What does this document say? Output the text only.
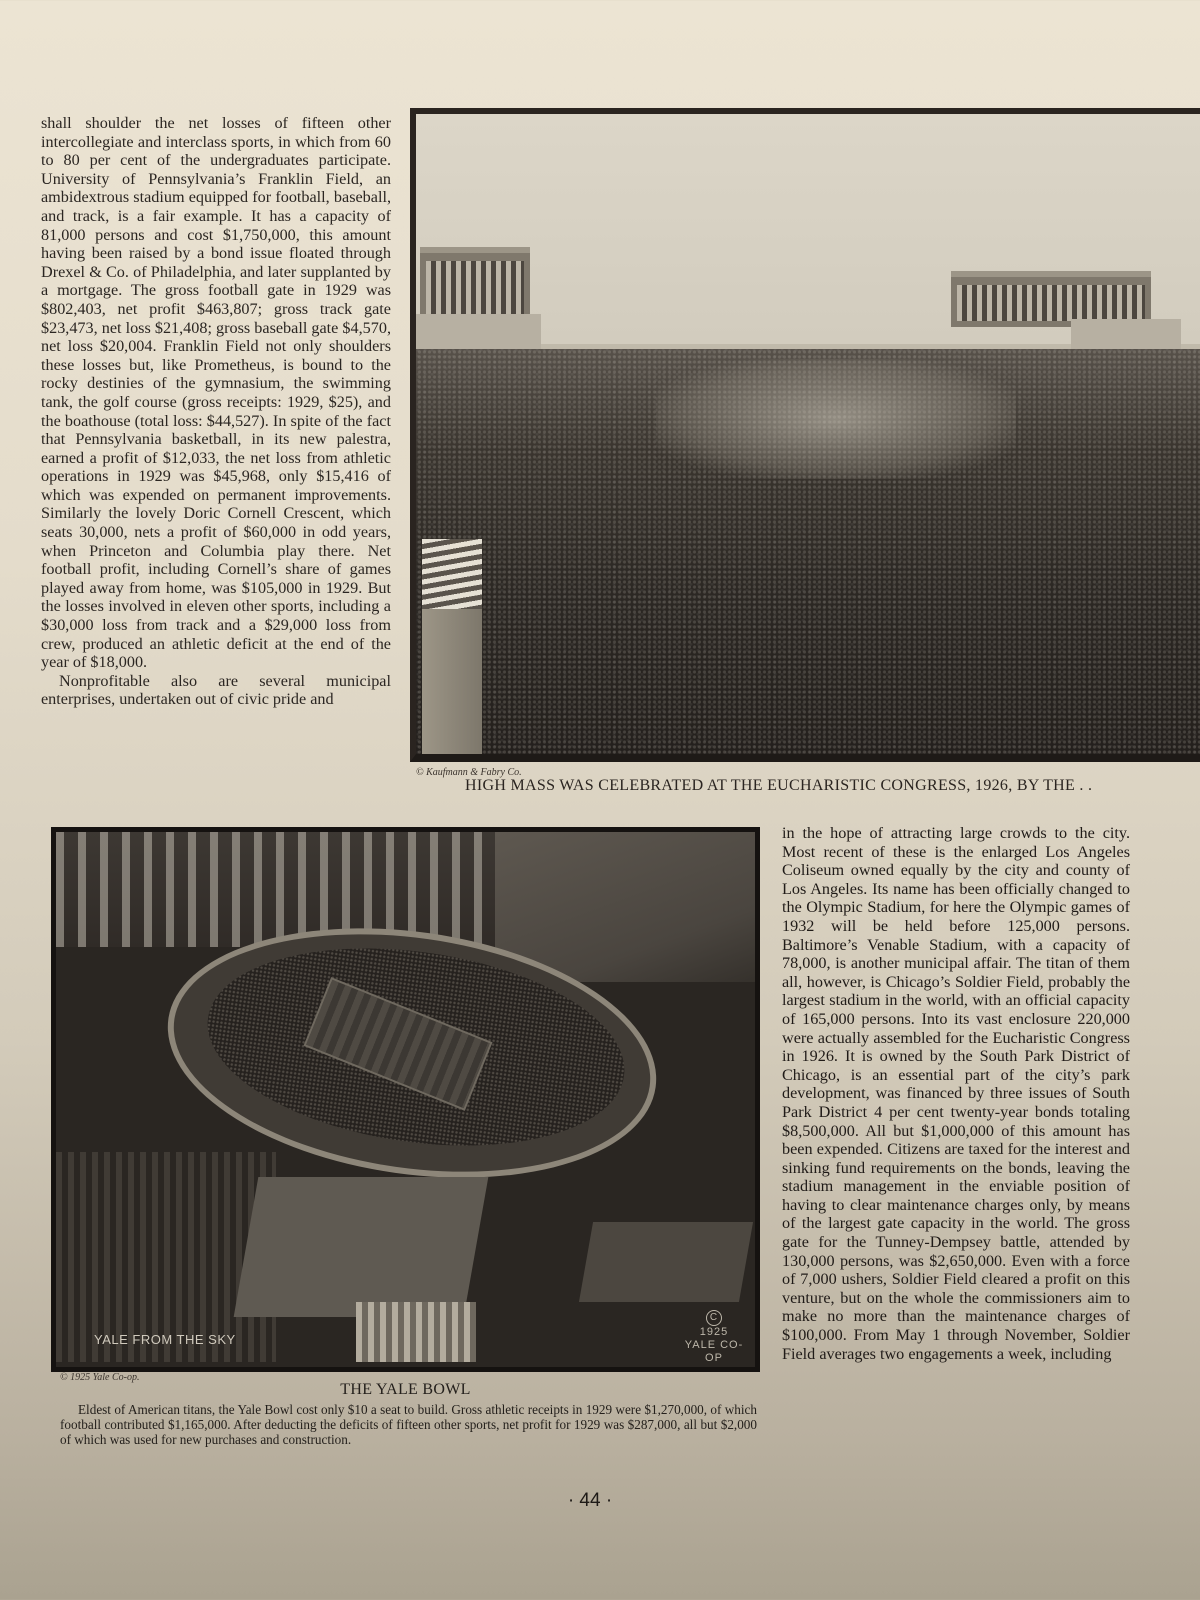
shall shoulder the net losses of fifteen other intercollegiate and interclass sports, in which from 60 to 80 per cent of the undergraduates participate. University of Pennsylvania’s Franklin Field, an ambidextrous stadium equipped for football, baseball, and track, is a fair example. It has a capacity of 81,000 persons and cost $1,750,000, this amount having been raised by a bond issue floated through Drexel & Co. of Philadelphia, and later supplanted by a mortgage. The gross football gate in 1929 was $802,403, net profit $463,807; gross track gate $23,473, net loss $21,408; gross baseball gate $4,570, net loss $20,004. Franklin Field not only shoulders these losses but, like Prometheus, is bound to the rocky destinies of the gymnasium, the swimming tank, the golf course (gross receipts: 1929, $25), and the boathouse (total loss: $44,527). In spite of the fact that Pennsylvania basketball, in its new palestra, earned a profit of $12,033, the net loss from athletic operations in 1929 was $45,968, only $15,416 of which was expended on permanent improvements. Similarly the lovely Doric Cornell Crescent, which seats 30,000, nets a profit of $60,000 in odd years, when Princeton and Columbia play there. Net football profit, including Cornell’s share of games played away from home, was $105,000 in 1929. But the losses involved in eleven other sports, including a $30,000 loss from track and a $29,000 loss from crew, produced an athletic deficit at the end of the year of $18,000.

Nonprofitable also are several municipal enterprises, undertaken out of civic pride and

© Kaufmann & Fabry Co.
HIGH MASS WAS CELEBRATED AT THE EUCHARISTIC CONGRESS, 1926, BY THE . .
YALE FROM THE SKY
C
1925
YALE CO-OP
© 1925 Yale Co-op.
THE YALE BOWL
Eldest of American titans, the Yale Bowl cost only $10 a seat to build. Gross athletic receipts in 1929 were $1,270,000, of which football contributed $1,165,000. After deducting the deficits of fifteen other sports, net profit for 1929 was $287,000, all but $2,000 of which was used for new purchases and construction.

in the hope of attracting large crowds to the city. Most recent of these is the enlarged Los Angeles Coliseum owned equally by the city and county of Los Angeles. Its name has been officially changed to the Olympic Stadium, for here the Olympic games of 1932 will be held before 125,000 persons. Baltimore’s Venable Stadium, with a capacity of 78,000, is another municipal affair. The titan of them all, however, is Chicago’s Soldier Field, probably the largest stadium in the world, with an official capacity of 165,000 persons. Into its vast enclosure 220,000 were actually assembled for the Eucharistic Congress in 1926. It is owned by the South Park District of Chicago, is an essential part of the city’s park development, was financed by three issues of South Park District 4 per cent twenty-year bonds totaling $8,500,000. All but $1,000,000 of this amount has been expended. Citizens are taxed for the interest and sinking fund requirements on the bonds, leaving the stadium management in the enviable position of having to clear maintenance charges only, by means of the largest gate capacity in the world. The gross gate for the Tunney-Dempsey battle, attended by 130,000 persons, was $2,650,000. Even with a force of 7,000 ushers, Soldier Field cleared a profit on this venture, but on the whole the commissioners aim to make no more than the maintenance charges of $100,000. From May 1 through November, Soldier Field averages two engagements a week, including

· 44 ·
